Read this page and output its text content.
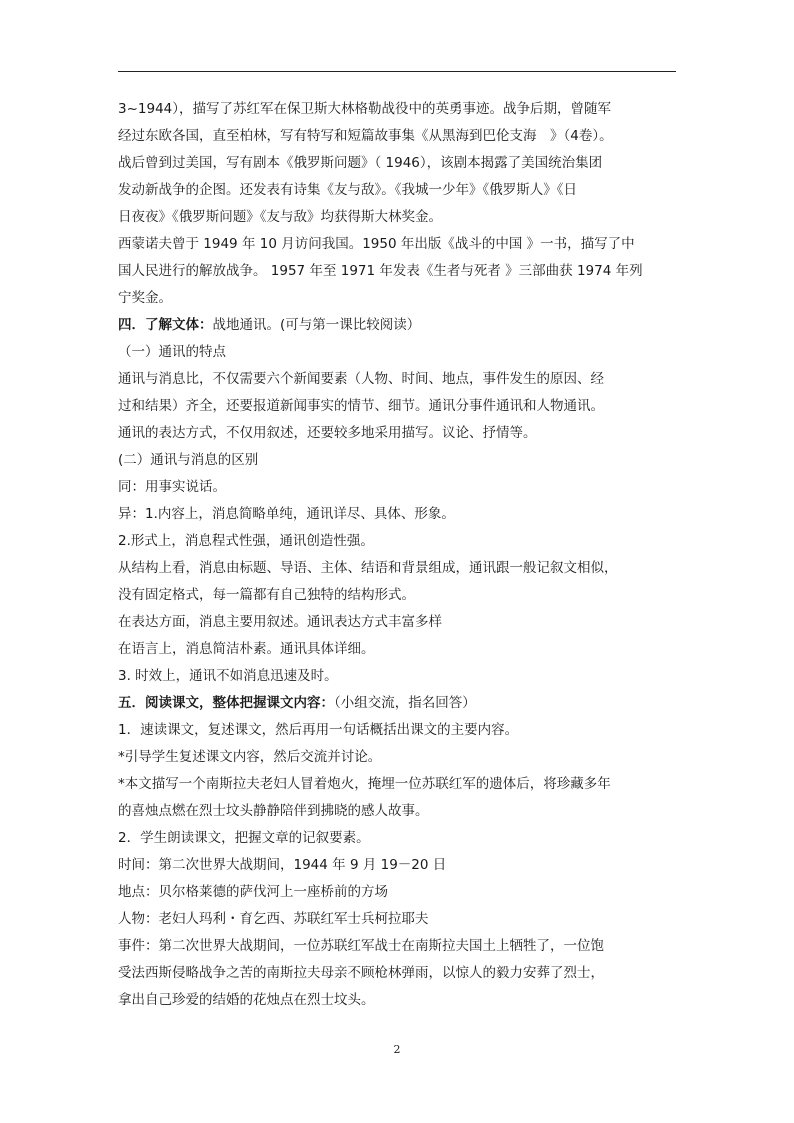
3~1944），描写了苏红军在保卫斯大林格勒战役中的英勇事迹。战争后期，曾随军
经过东欧各国，直至柏林，写有特写和短篇故事集《从黑海到巴伦支海　》（4卷）。
战后曾到过美国，写有剧本《俄罗斯问题》（ 1946），该剧本揭露了美国统治集团
发动新战争的企图。还发表有诗集《友与敌》。《我城一少年》《俄罗斯人》《日
日夜夜》《俄罗斯问题》《友与敌》均获得斯大林奖金。
西蒙诺夫曾于 1949 年 10 月访问我国。1950 年出版《战斗的中国 》一书，描写了中
国人民进行的解放战争。 1957 年至 1971 年发表《生者与死者 》三部曲获 1974 年列
宁奖金。
四．了解文体：战地通讯。(可与第一课比较阅读）
（一）通讯的特点
通讯与消息比，不仅需要六个新闻要素（人物、时间、地点，事件发生的原因、经
过和结果）齐全，还要报道新闻事实的情节、细节。通讯分事件通讯和人物通讯。
通讯的表达方式，不仅用叙述，还要较多地采用描写。议论、抒情等。
(二）通讯与消息的区别
同：用事实说话。
异：1.内容上，消息简略单纯，通讯详尽、具体、形象。
2.形式上，消息程式性强，通讯创造性强。
从结构上看，消息由标题、导语、主体、结语和背景组成，通讯跟一般记叙文相似，
没有固定格式，每一篇都有自己独特的结构形式。
在表达方面，消息主要用叙述。通讯表达方式丰富多样
在语言上，消息简洁朴素。通讯具体详细。
3. 时效上，通讯不如消息迅速及时。
五．阅读课文，整体把握课文内容：（小组交流，指名回答）
1．速读课文，复述课文，然后再用一句话概括出课文的主要内容。
*引导学生复述课文内容，然后交流并讨论。
*本文描写一个南斯拉夫老妇人冒着炮火，掩埋一位苏联红军的遗体后，将珍藏多年
的喜烛点燃在烈士坟头静静陪伴到拂晓的感人故事。
2．学生朗读课文，把握文章的记叙要素。
时间：第二次世界大战期间，1944 年 9 月 19－20 日
地点：贝尔格莱德的萨伐河上一座桥前的方场
人物：老妇人玛利・育乞西、苏联红军士兵柯拉耶夫
事件：第二次世界大战期间，一位苏联红军战士在南斯拉夫国土上牺牲了，一位饱
受法西斯侵略战争之苦的南斯拉夫母亲不顾枪林弹雨，以惊人的毅力安葬了烈士，
拿出自己珍爱的结婚的花烛点在烈士坟头。
2
